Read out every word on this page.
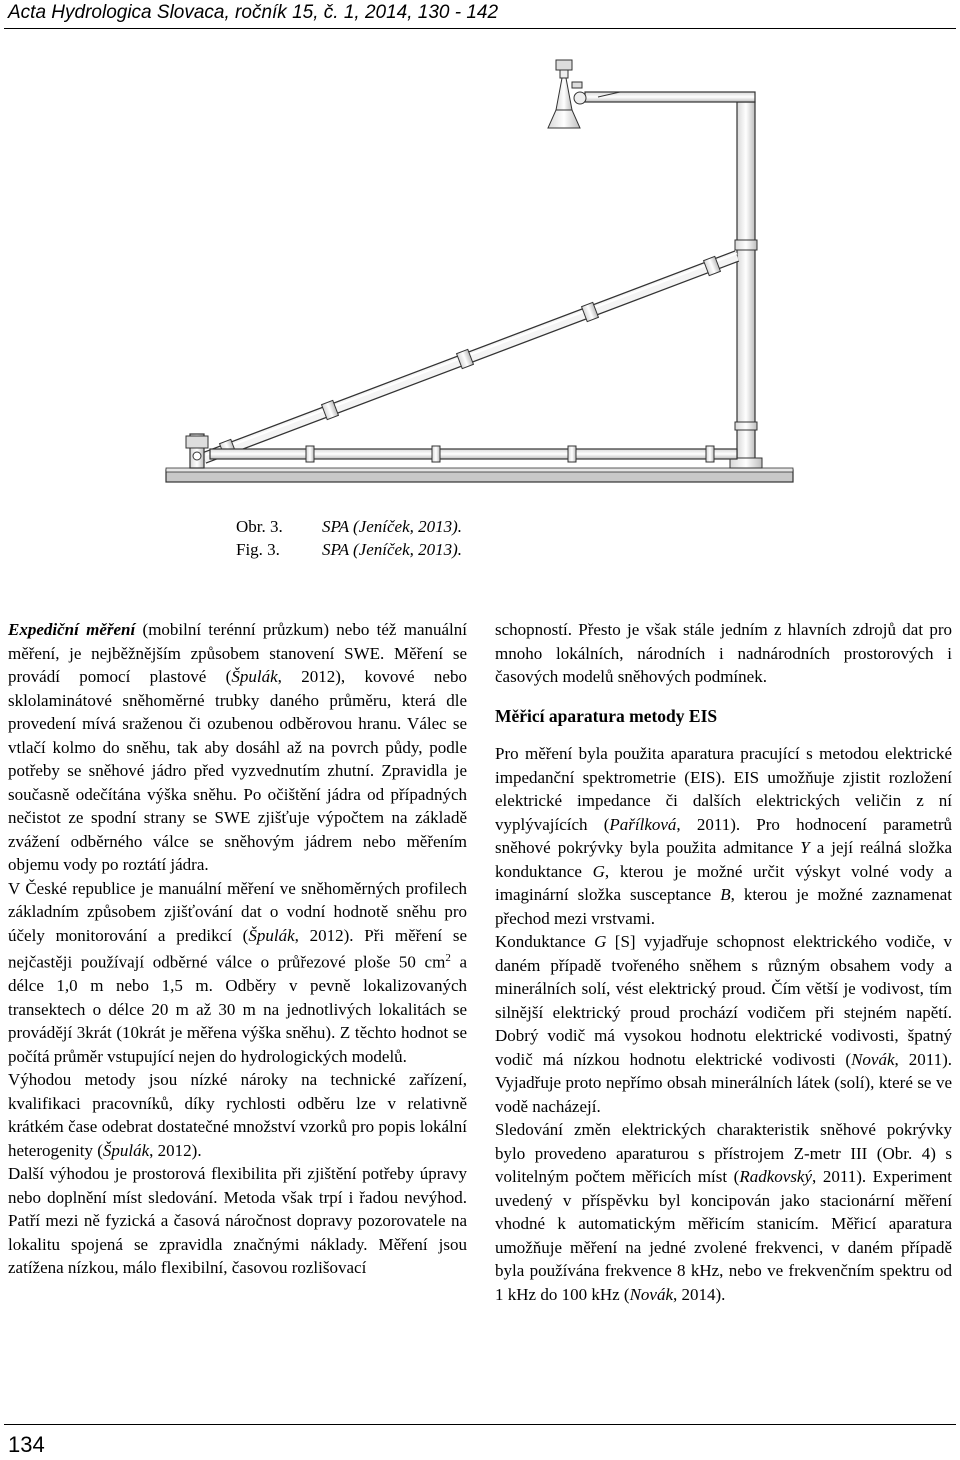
Acta Hydrologica Slovaca, ročník 15, č. 1, 2014, 130 - 142
Obr. 3. SPA (Jeníček, 2013).
Fig. 3. SPA (Jeníček, 2013).

Expediční měření (mobilní terénní průzkum) nebo též manuální měření, je nejběžnějším způsobem stanovení SWE. Měření se provádí pomocí plastové (Špulák, 2012), kovové nebo sklolaminátové sněhoměrné trubky daného průměru, která dle provedení mívá sraženou či ozubenou odběrovou hranu. Válec se vtlačí kolmo do sněhu, tak aby dosáhl až na povrch půdy, podle potřeby se sněhové jádro před vyzvednutím zhutní. Zpravidla je současně odečítána výška sněhu. Po očištění jádra od případných nečistot ze spodní strany se SWE zjišťuje výpočtem na základě zvážení odběrného válce se sněhovým jádrem nebo měřením objemu vody po roztátí jádra.

V České republice je manuální měření ve sněhoměrných profilech základním způsobem zjišťování dat o vodní hodnotě sněhu pro účely monitorování a predikcí (Špulák, 2012). Při měření se nejčastěji používají odběrné válce o průřezové ploše 50 $cm^2$ a délce 1,0 m nebo 1,5 m. Odběry v pevně lokalizovaných transektech o délce 20 m až 30 m na jednotlivých lokalitách se provádějí 3krát (10krát je měřena výška sněhu). Z těchto hodnot se počítá průměr vstupující nejen do hydrologických modelů.

Výhodou metody jsou nízké nároky na technické zařízení, kvalifikaci pracovníků, díky rychlosti odběru lze v relativně krátkém čase odebrat dostatečné množství vzorků pro popis lokální heterogenity (Špulák, 2012).

Další výhodou je prostorová flexibilita při zjištění potřeby úpravy nebo doplnění míst sledování. Metoda však trpí i řadou nevýhod. Patří mezi ně fyzická a časová náročnost dopravy pozorovatele na lokalitu spojená se zpravidla značnými náklady. Měření jsou zatížena nízkou, málo flexibilní, časovou rozlišovací

schopností. Přesto je však stále jedním z hlavních zdrojů dat pro mnoho lokálních, národních i nadnárodních prostorových i časových modelů sněhových podmínek.

Měřicí aparatura metody EIS

Pro měření byla použita aparatura pracující s metodou elektrické impedanční spektrometrie (EIS). EIS umožňuje zjistit rozložení elektrické impedance či dalších elektrických veličin z ní vyplývajících (Pařílková, 2011). Pro hodnocení parametrů sněhové pokrývky byla použita admitance Y a její reálná složka konduktance G, kterou je možné určit výskyt volné vody a imaginární složka susceptance B, kterou je možné zaznamenat přechod mezi vrstvami.

Konduktance G [S] vyjadřuje schopnost elektrického vodiče, v daném případě tvořeného sněhem s různým obsahem vody a minerálních solí, vést elektrický proud. Čím větší je vodivost, tím silnější elektrický proud prochází vodičem při stejném napětí. Dobrý vodič má vysokou hodnotu elektrické vodivosti, špatný vodič má nízkou hodnotu elektrické vodivosti (Novák, 2011). Vyjadřuje proto nepřímo obsah minerálních látek (solí), které se ve vodě nacházejí.

Sledování změn elektrických charakteristik sněhové pokrývky bylo provedeno aparaturou s přístrojem Z-metr III (Obr. 4) s volitelným počtem měřicích míst (Radkovský, 2011). Experiment uvedený v příspěvku byl koncipován jako stacionární měření vhodné k automatickým měřicím stanicím. Měřicí aparatura umožňuje měření na jedné zvolené frekvenci, v daném případě byla používána frekvence 8 kHz, nebo ve frekvenčním spektru od 1 kHz do 100 kHz (Novák, 2014).

134
